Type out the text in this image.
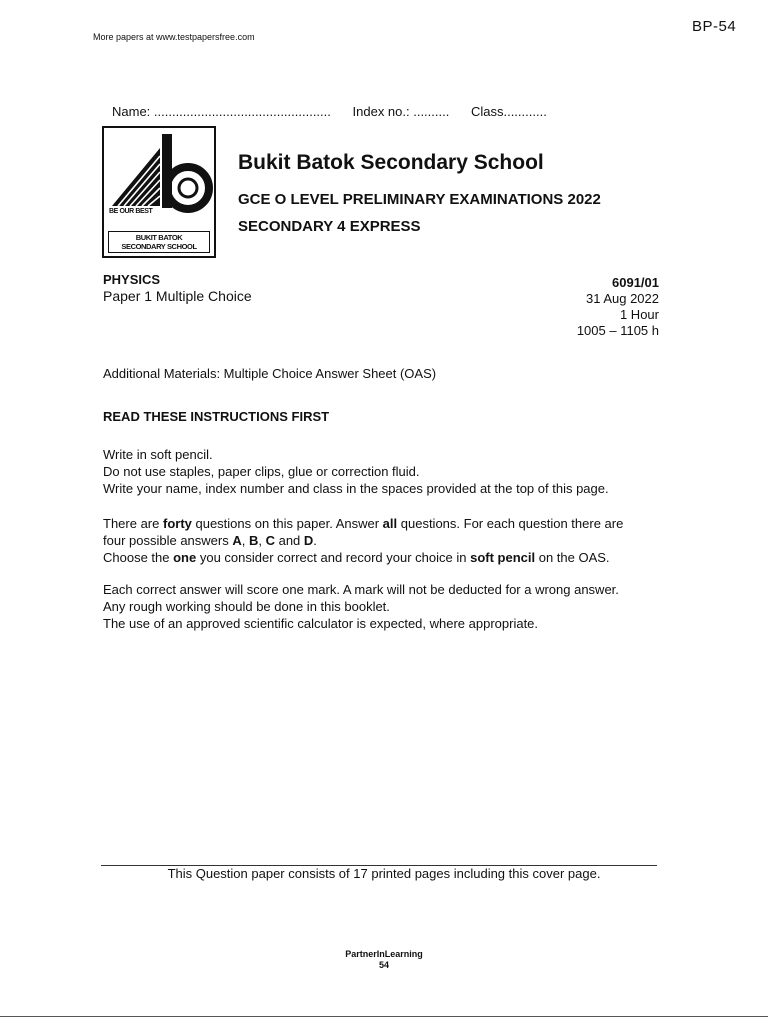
More papers at www.testpapersfree.com
BP-54
Name: ................................................. Index no.: .......... Class............
BE OUR BEST
BUKIT BATOK
SECONDARY SCHOOL
Bukit Batok Secondary School
GCE O LEVEL PRELIMINARY EXAMINATIONS 2022
SECONDARY 4 EXPRESS
PHYSICS
Paper 1 Multiple Choice
6091/01
31 Aug 2022
1 Hour
1005 – 1105 h
Additional Materials: Multiple Choice Answer Sheet (OAS)
READ THESE INSTRUCTIONS FIRST
Write in soft pencil.
Do not use staples, paper clips, glue or correction fluid.
Write your name, index number and class in the spaces provided at the top of this page.
There are forty questions on this paper. Answer all questions. For each question there are
four possible answers A, B, C and D.
Choose the one you consider correct and record your choice in soft pencil on the OAS.
Each correct answer will score one mark. A mark will not be deducted for a wrong answer.
Any rough working should be done in this booklet.
The use of an approved scientific calculator is expected, where appropriate.
This Question paper consists of 17 printed pages including this cover page.
PartnerInLearning
54
